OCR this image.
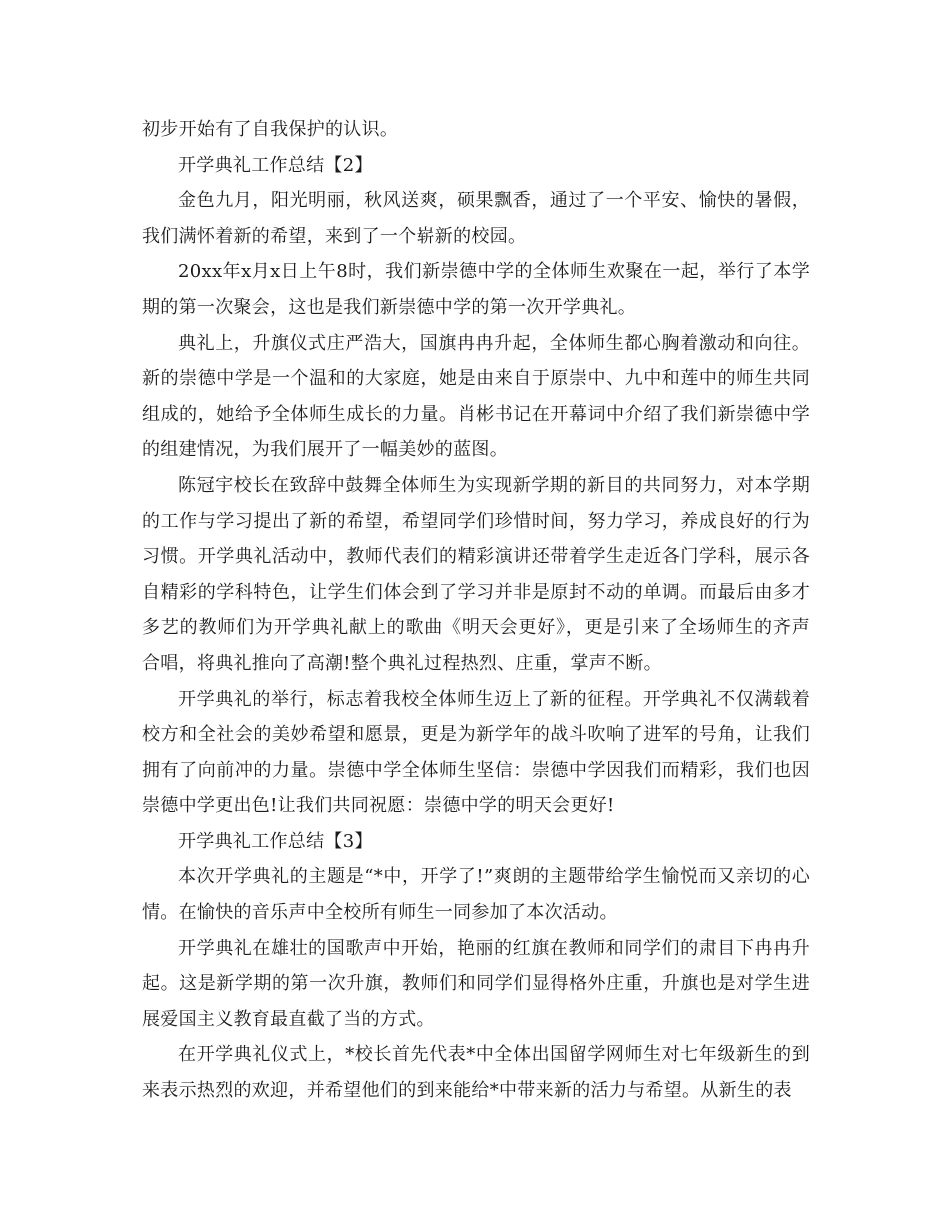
初步开始有了自我保护的认识。

开学典礼工作总结【2】

金色九月，阳光明丽，秋风送爽，硕果飘香，通过了一个平安、愉快的暑假，我们满怀着新的希望，来到了一个崭新的校园。

20xx年x月x日上午8时，我们新崇德中学的全体师生欢聚在一起，举行了本学期的第一次聚会，这也是我们新崇德中学的第一次开学典礼。

典礼上，升旗仪式庄严浩大，国旗冉冉升起，全体师生都心胸着激动和向往。新的崇德中学是一个温和的大家庭，她是由来自于原崇中、九中和莲中的师生共同组成的，她给予全体师生成长的力量。肖彬书记在开幕词中介绍了我们新崇德中学的组建情况，为我们展开了一幅美妙的蓝图。

陈冠宇校长在致辞中鼓舞全体师生为实现新学期的新目的共同努力，对本学期的工作与学习提出了新的希望，希望同学们珍惜时间，努力学习，养成良好的行为习惯。开学典礼活动中，教师代表们的精彩演讲还带着学生走近各门学科，展示各自精彩的学科特色，让学生们体会到了学习并非是原封不动的单调。而最后由多才多艺的教师们为开学典礼献上的歌曲《明天会更好》，更是引来了全场师生的齐声合唱，将典礼推向了高潮!整个典礼过程热烈、庄重，掌声不断。

开学典礼的举行，标志着我校全体师生迈上了新的征程。开学典礼不仅满载着校方和全社会的美妙希望和愿景，更是为新学年的战斗吹响了进军的号角，让我们拥有了向前冲的力量。崇德中学全体师生坚信：崇德中学因我们而精彩，我们也因崇德中学更出色!让我们共同祝愿：崇德中学的明天会更好!

开学典礼工作总结【3】

本次开学典礼的主题是“*中，开学了!”爽朗的主题带给学生愉悦而又亲切的心情。在愉快的音乐声中全校所有师生一同参加了本次活动。

开学典礼在雄壮的国歌声中开始，艳丽的红旗在教师和同学们的肃目下冉冉升起。这是新学期的第一次升旗，教师们和同学们显得格外庄重，升旗也是对学生进展爱国主义教育最直截了当的方式。

在开学典礼仪式上，*校长首先代表*中全体出国留学网师生对七年级新生的到来表示热烈的欢迎，并希望他们的到来能给*中带来新的活力与希望。从新生的表
